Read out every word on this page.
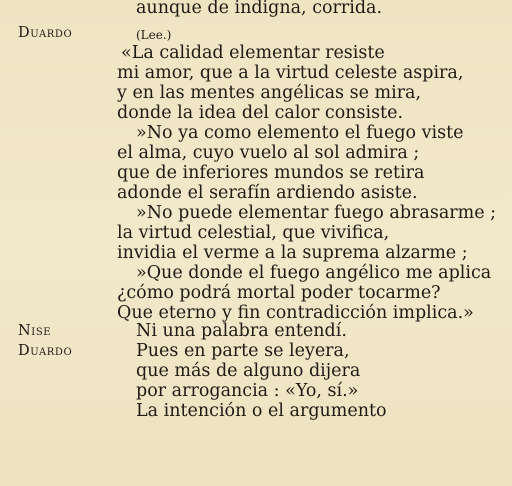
aunque de indigna, corrida.
Duardo	(Lee.)
«La calidad elementar resiste
mi amor, que a la virtud celeste aspira,
y en las mentes angélicas se mira,
donde la idea del calor consiste.
»No ya como elemento el fuego viste
el alma, cuyo vuelo al sol admira ;
que de inferiores mundos se retira
adonde el serafín ardiendo asiste.
»No puede elementar fuego abrasarme ;
la virtud celestial, que vivifica,
invidia el verme a la suprema alzarme ;
»Que donde el fuego angélico me aplica
¿cómo podrá mortal poder tocarme?
Que eterno y fin contradicción implica.»
Nise	Ni una palabra entendí.
Duardo	Pues en parte se leyera,
que más de alguno dijera
por arrogancia : «Yo, sí.»
La intención o el argumento
